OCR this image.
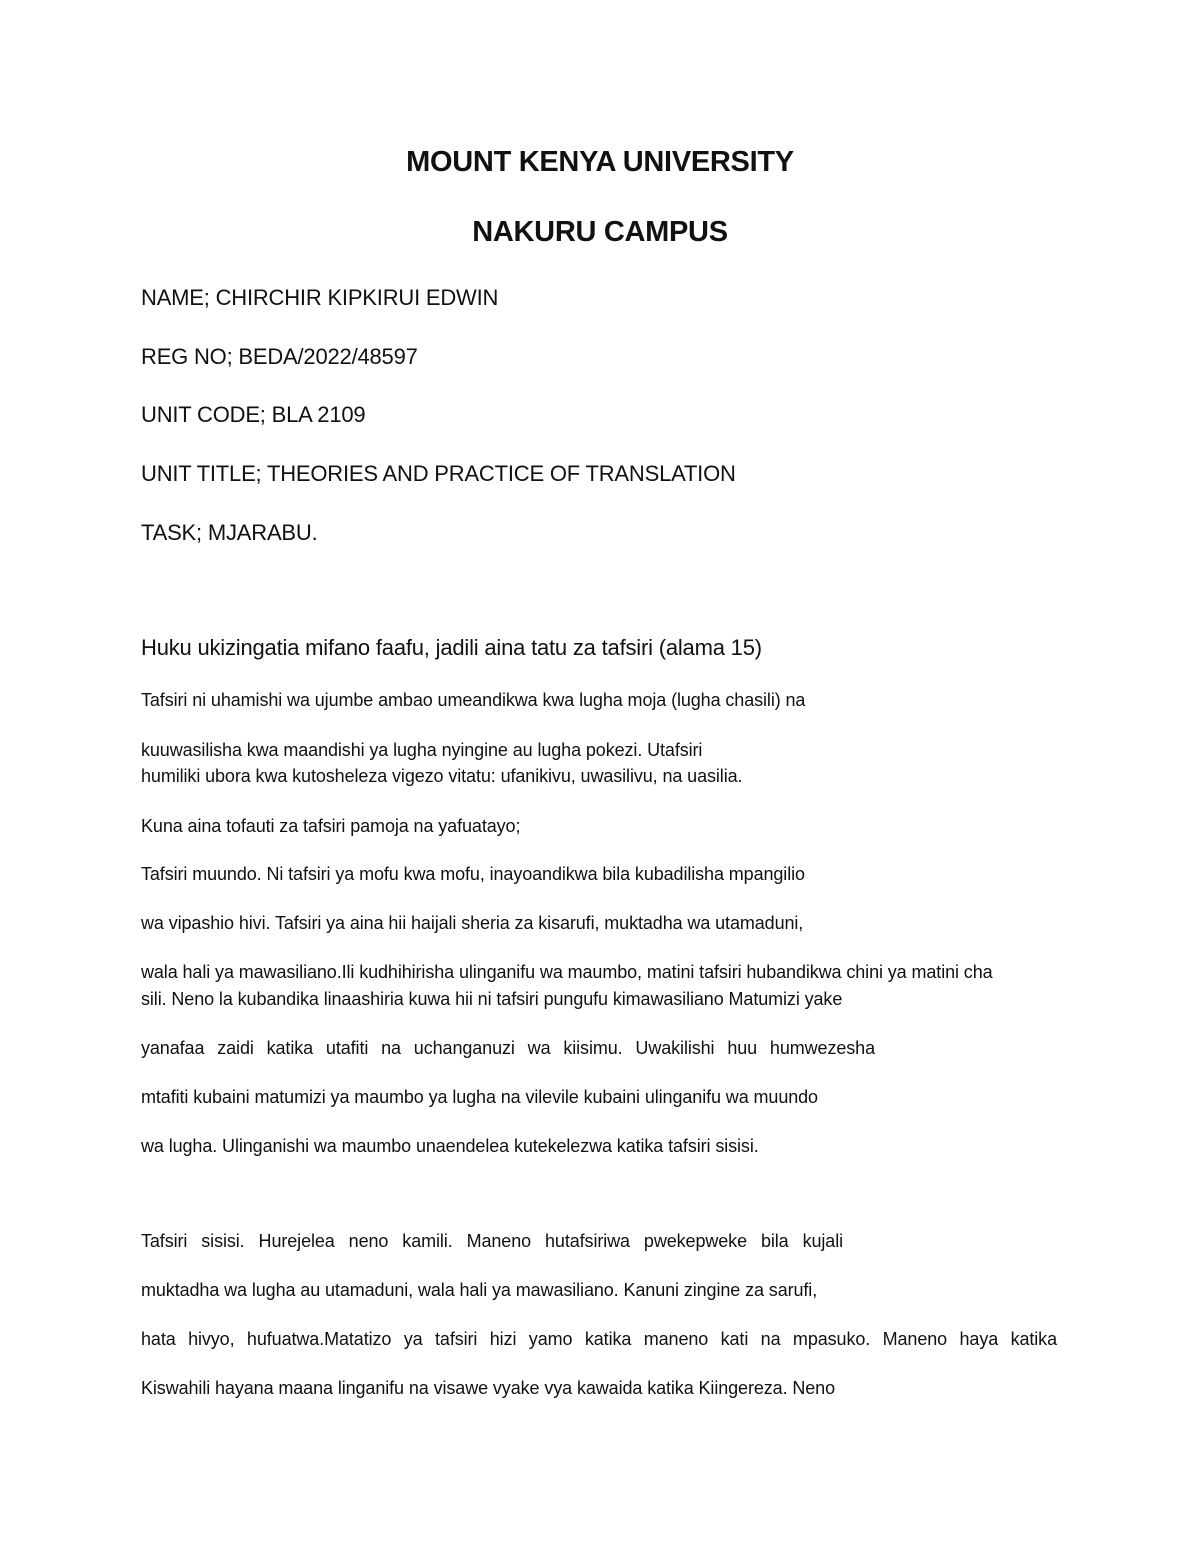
MOUNT KENYA UNIVERSITY
NAKURU CAMPUS
NAME; CHIRCHIR KIPKIRUI EDWIN
REG NO; BEDA/2022/48597
UNIT CODE; BLA 2109
UNIT TITLE; THEORIES AND PRACTICE OF TRANSLATION
TASK; MJARABU.
Huku ukizingatia mifano faafu, jadili aina tatu za tafsiri (alama 15)
Tafsiri ni uhamishi wa ujumbe ambao umeandikwa kwa lugha moja (lugha chasili) na
kuuwasilisha kwa maandishi ya lugha nyingine au lugha pokezi. Utafsiri
humiliki ubora kwa kutosheleza vigezo vitatu: ufanikivu, uwasilivu, na uasilia.
Kuna aina tofauti za tafsiri pamoja na yafuatayo;
Tafsiri muundo. Ni tafsiri ya mofu kwa mofu, inayoandikwa bila kubadilisha mpangilio
wa vipashio hivi. Tafsiri ya aina hii haijali sheria za kisarufi, muktadha wa utamaduni,
wala hali ya mawasiliano.Ili kudhihirisha ulinganifu wa maumbo, matini tafsiri hubandikwa chini ya matini cha
sili. Neno la kubandika linaashiria kuwa hii ni tafsiri pungufu kimawasiliano Matumizi yake
yanafaa zaidi katika utafiti na uchanganuzi wa kiisimu. Uwakilishi huu humwezesha
mtafiti kubaini matumizi ya maumbo ya lugha na vilevile kubaini ulinganifu wa muundo
wa lugha. Ulinganishi wa maumbo unaendelea kutekelezwa katika tafsiri sisisi.
Tafsiri sisisi. Hurejelea neno kamili. Maneno hutafsiriwa pwekepweke bila kujali
muktadha wa lugha au utamaduni, wala hali ya mawasiliano. Kanuni zingine za sarufi,
hata hivyo, hufuatwa.Matatizo ya tafsiri hizi yamo katika maneno kati na mpasuko. Maneno haya katika
Kiswahili hayana maana linganifu na visawe vyake vya kawaida katika Kiingereza. Neno
